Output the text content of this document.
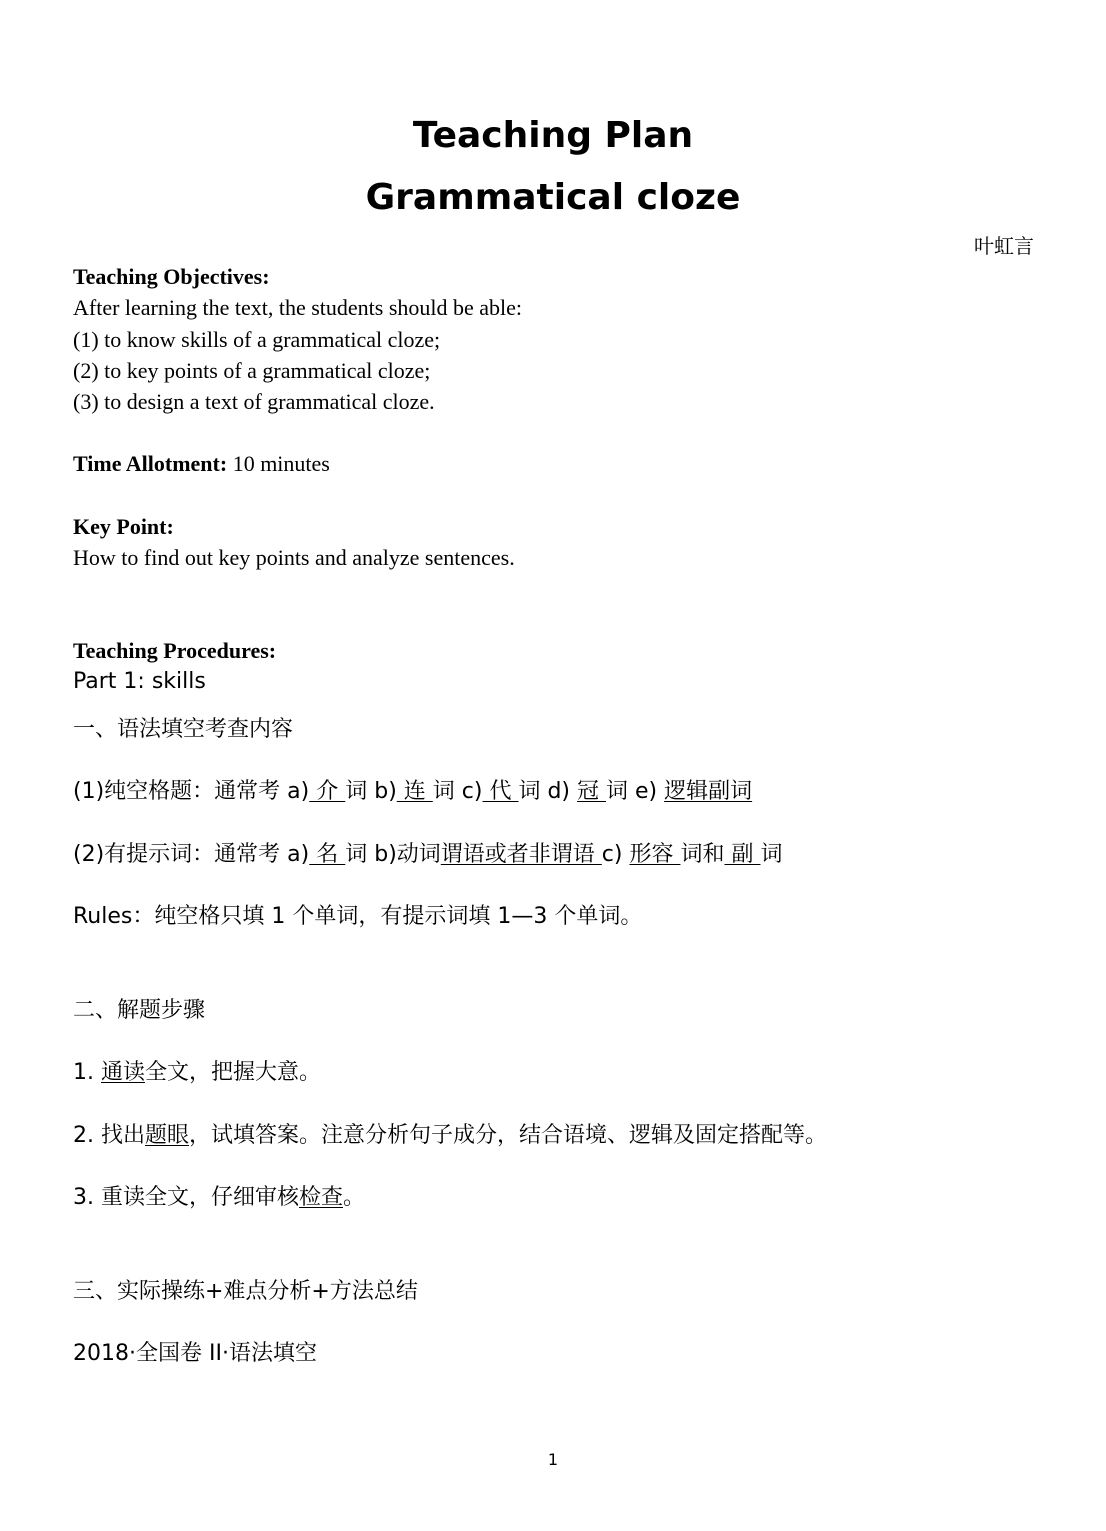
Teaching Plan
Grammatical cloze
叶虹言
Teaching Objectives:
After learning the text, the students should be able:
(1) to know skills of a grammatical cloze;
(2) to key points of a grammatical cloze;
(3) to design a text of grammatical cloze.
Time Allotment: 10 minutes
Key Point:
How to find out key points and analyze sentences.
Teaching Procedures:
Part 1: skills
一、语法填空考查内容
(1)纯空格题：通常考 a) 介 词 b) 连 词 c) 代 词 d) 冠 词 e) 逻辑副词
(2)有提示词：通常考 a) 名 词 b)动词谓语或者非谓语 c) 形容 词和 副 词
Rules：纯空格只填 1 个单词，有提示词填 1—3 个单词。
二、解题步骤
1. 通读全文，把握大意。
2. 找出题眼，试填答案。注意分析句子成分，结合语境、逻辑及固定搭配等。
3. 重读全文，仔细审核检查。
三、实际操练+难点分析+方法总结
2018·全国卷 II·语法填空
1
